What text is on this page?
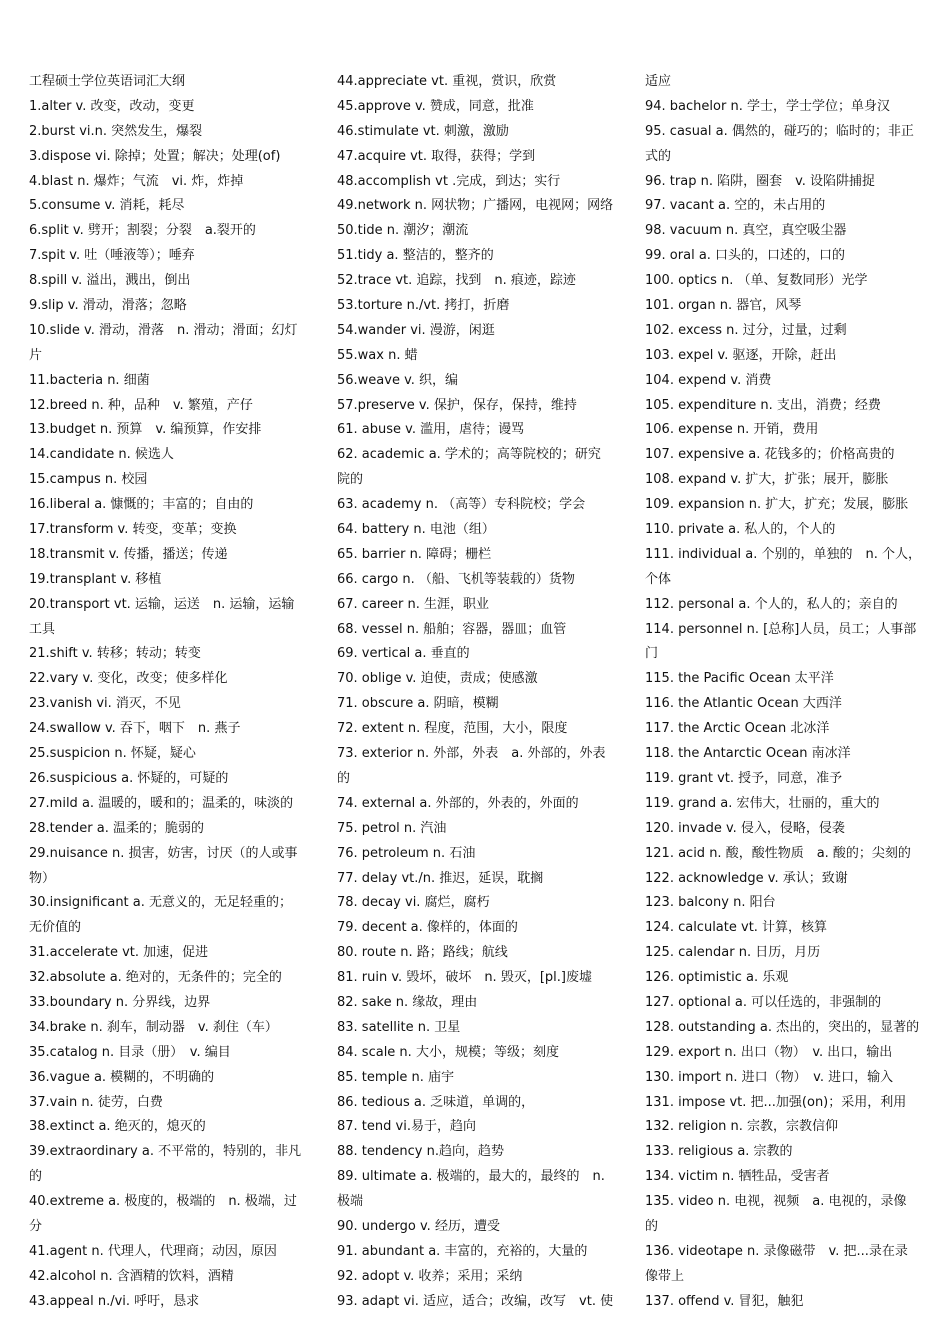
工程硕士学位英语词汇大纲
1.alter v. 改变，改动，变更
2.burst vi.n. 突然发生，爆裂
3.dispose vi. 除掉；处置；解决；处理(of)
4.blast n. 爆炸；气流　vi. 炸，炸掉
5.consume v. 消耗，耗尽
6.split v. 劈开；割裂；分裂　a.裂开的
7.spit v. 吐（唾液等）；唾弃
8.spill v. 溢出，溅出，倒出
9.slip v. 滑动，滑落；忽略
10.slide v. 滑动，滑落　n. 滑动；滑面；幻灯
片
11.bacteria n. 细菌
12.breed n. 种，品种　v. 繁殖，产仔
13.budget n. 预算　v. 编预算，作安排
14.candidate n. 候选人
15.campus n. 校园
16.liberal a. 慷慨的；丰富的；自由的
17.transform v. 转变，变革；变换
18.transmit v. 传播，播送；传递
19.transplant v. 移植
20.transport vt. 运输，运送　n. 运输，运输
工具
21.shift v. 转移；转动；转变
22.vary v. 变化，改变；使多样化
23.vanish vi. 消灭，不见
24.swallow v. 吞下，咽下　n. 燕子
25.suspicion n. 怀疑，疑心
26.suspicious a. 怀疑的，可疑的
27.mild a. 温暖的，暖和的；温柔的，味淡的
28.tender a. 温柔的；脆弱的
29.nuisance n. 损害，妨害，讨厌（的人或事
物）
30.insignificant a. 无意义的，无足轻重的；
无价值的
31.accelerate vt. 加速，促进
32.absolute a. 绝对的，无条件的；完全的
33.boundary n. 分界线，边界
34.brake n. 刹车，制动器　v. 刹住（车）
35.catalog n. 目录（册）　v. 编目
36.vague a. 模糊的，不明确的
37.vain n. 徒劳，白费
38.extinct a. 绝灭的，熄灭的
39.extraordinary a. 不平常的，特别的，非凡
的
40.extreme a. 极度的，极端的　n. 极端，过
分
41.agent n. 代理人，代理商；动因，原因
42.alcohol n. 含酒精的饮料，酒精
43.appeal n./vi. 呼吁，恳求
44.appreciate vt. 重视，赏识，欣赏
45.approve v. 赞成，同意，批准
46.stimulate vt. 刺激，激励
47.acquire vt. 取得，获得；学到
48.accomplish vt .完成，到达；实行
49.network n. 网状物；广播网，电视网；网络
50.tide n. 潮汐；潮流
51.tidy a. 整洁的，整齐的
52.trace vt. 追踪，找到　n. 痕迹，踪迹
53.torture n./vt. 拷打，折磨
54.wander vi. 漫游，闲逛
55.wax n. 蜡
56.weave v. 织，编
57.preserve v. 保护，保存，保持，维持
61. abuse v. 滥用，虐待；谩骂
62. academic a. 学术的；高等院校的；研究
院的
63. academy n. （高等）专科院校；学会
64. battery n. 电池（组）
65. barrier n. 障碍；栅栏
66. cargo n. （船、飞机等装载的）货物
67. career n. 生涯，职业
68. vessel n. 船舶；容器，器皿；血管
69. vertical a. 垂直的
70. oblige v. 迫使，责成；使感激
71. obscure a. 阴暗，模糊
72. extent n. 程度，范围，大小，限度
73. exterior n. 外部，外表　a. 外部的，外表
的
74. external a. 外部的，外表的，外面的
75. petrol n. 汽油
76. petroleum n. 石油
77. delay vt./n. 推迟，延误，耽搁
78. decay vi. 腐烂，腐朽
79. decent a. 像样的，体面的
80. route n. 路；路线；航线
81. ruin v. 毁坏，破坏　n. 毁灭，[pl.]废墟
82. sake n. 缘故，理由
83. satellite n. 卫星
84. scale n. 大小，规模；等级；刻度
85. temple n. 庙宇
86. tedious a. 乏味道，单调的，
87. tend vi.易于，趋向
88. tendency n.趋向，趋势
89. ultimate a. 极端的，最大的，最终的　n.
极端
90. undergo v. 经历，遭受
91. abundant a. 丰富的，充裕的，大量的
92. adopt v. 收养；采用；采纳
93. adapt vi. 适应，适合；改编，改写　vt. 使
适应
94. bachelor n. 学士，学士学位；单身汉
95. casual a. 偶然的，碰巧的；临时的；非正
式的
96. trap n. 陷阱，圈套　v. 设陷阱捕捉
97. vacant a. 空的，未占用的
98. vacuum n. 真空，真空吸尘器
99. oral a. 口头的，口述的，口的
100. optics n. （单、复数同形）光学
101. organ n. 器官，风琴
102. excess n. 过分，过量，过剩
103. expel v. 驱逐，开除，赶出
104. expend v. 消费
105. expenditure n. 支出，消费；经费
106. expense n. 开销，费用
107. expensive a. 花钱多的；价格高贵的
108. expand v. 扩大，扩张；展开，膨胀
109. expansion n. 扩大，扩充；发展，膨胀
110. private a. 私人的，个人的
111. individual a. 个别的，单独的　n. 个人，
个体
112. personal a. 个人的，私人的；亲自的
114. personnel n. [总称]人员，员工；人事部
门
115. the Pacific Ocean 太平洋
116. the Atlantic Ocean 大西洋
117. the Arctic Ocean 北冰洋
118. the Antarctic Ocean 南冰洋
119. grant vt. 授予，同意，准予
119. grand a. 宏伟大，壮丽的，重大的
120. invade v. 侵入，侵略，侵袭
121. acid n. 酸，酸性物质　a. 酸的；尖刻的
122. acknowledge v. 承认；致谢
123. balcony n. 阳台
124. calculate vt. 计算，核算
125. calendar n. 日历，月历
126. optimistic a. 乐观
127. optional a. 可以任选的，非强制的
128. outstanding a. 杰出的，突出的，显著的
129. export n. 出口（物）　v. 出口，输出
130. import n. 进口（物）　v. 进口，输入
131. impose vt. 把...加强(on)；采用，利用
132. religion n. 宗教，宗教信仰
133. religious a. 宗教的
134. victim n. 牺牲品，受害者
135. video n. 电视，视频　a. 电视的，录像
的
136. videotape n. 录像磁带　v. 把...录在录
像带上
137. offend v. 冒犯，触犯
